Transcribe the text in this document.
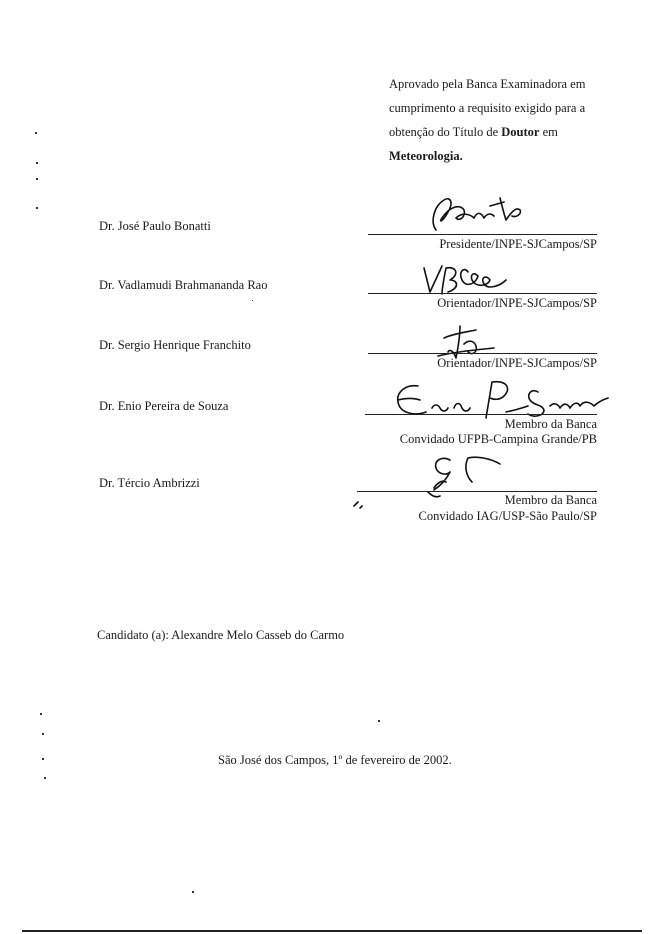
Aprovado pela Banca Examinadora em
cumprimento a requisito exigido para a
obtenção do Título de Doutor em
Meteorologia.
Dr. José Paulo Bonatti
Presidente/INPE-SJCampos/SP
Dr. Vadlamudi Brahmananda Rao
Orientador/INPE-SJCampos/SP
Dr. Sergio Henrique Franchito
Orientador/INPE-SJCampos/SP
Dr. Enio Pereira de Souza
Membro da Banca
Convidado UFPB-Campina Grande/PB
Dr. Tércio Ambrizzi
Membro da Banca
Convidado IAG/USP-São Paulo/SP
Candidato (a): Alexandre Melo Casseb do Carmo
São José dos Campos, 1º de fevereiro de 2002.
